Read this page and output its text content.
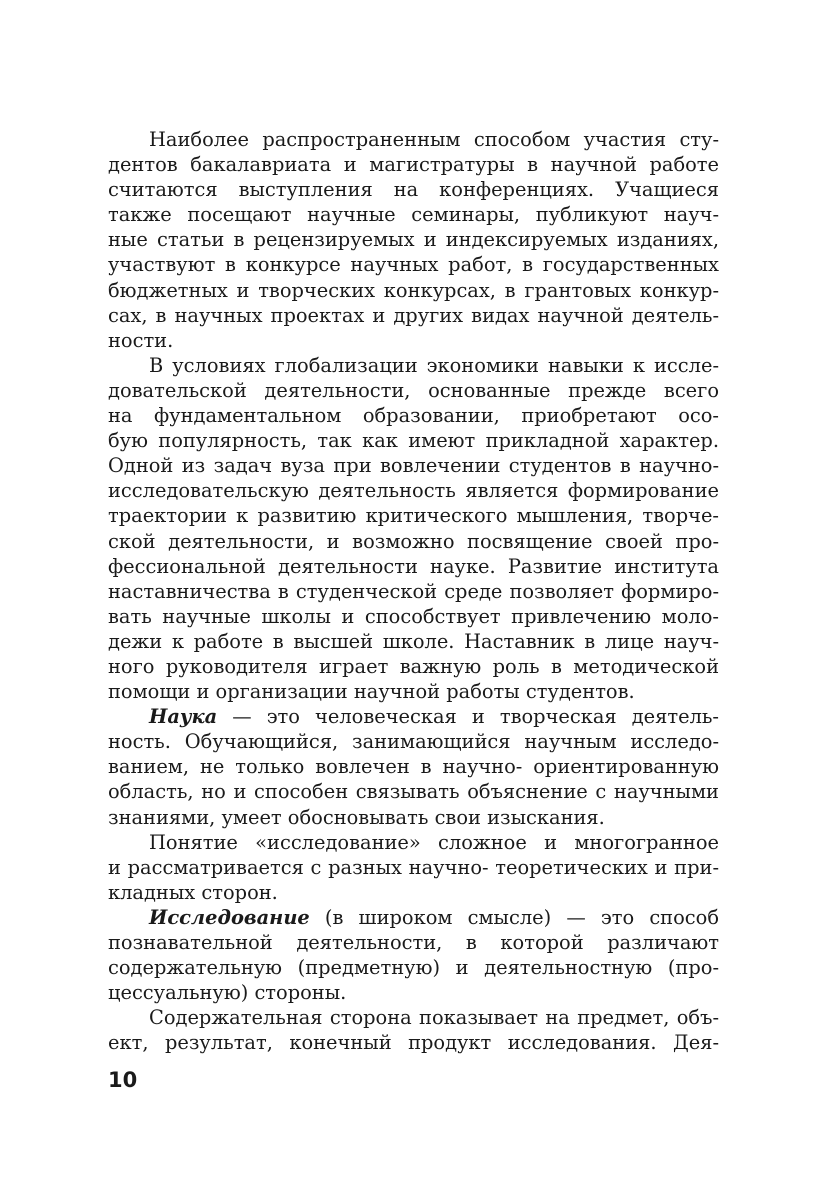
Наиболее распространенным способом участия сту-
дентов бакалавриата и магистратуры в научной работе
считаются выступления на конференциях. Учащиеся
также посещают научные семинары, публикуют науч-
ные статьи в рецензируемых и индексируемых изданиях,
участвуют в конкурсе научных работ, в государственных
бюджетных и творческих конкурсах, в грантовых конкур-
сах, в научных проектах и других видах научной деятель-
ности.
В условиях глобализации экономики навыки к иссле-
довательской деятельности, основанные прежде всего
на фундаментальном образовании, приобретают осо-
бую популярность, так как имеют прикладной характер.
Одной из задач вуза при вовлечении студентов в научно-
исследовательскую деятельность является формирование
траектории к развитию критического мышления, творче-
ской деятельности, и возможно посвящение своей про-
фессиональной деятельности науке. Развитие института
наставничества в студенческой среде позволяет формиро-
вать научные школы и способствует привлечению моло-
дежи к работе в высшей школе. Наставник в лице науч-
ного руководителя играет важную роль в методической
помощи и организации научной работы студентов.
Наука — это человеческая и творческая деятель-
ность. Обучающийся, занимающийся научным исследо-
ванием, не только вовлечен в научно- ориентированную
область, но и способен связывать объяснение с научными
знаниями, умеет обосновывать свои изыскания.
Понятие «исследование» сложное и многогранное
и рассматривается с разных научно- теоретических и при-
кладных сторон.
Исследование (в широком смысле) — это способ
познавательной деятельности, в которой различают
содержательную (предметную) и деятельностную (про-
цессуальную) стороны.
Содержательная сторона показывает на предмет, объ-
ект, результат, конечный продукт исследования. Дея-
10
